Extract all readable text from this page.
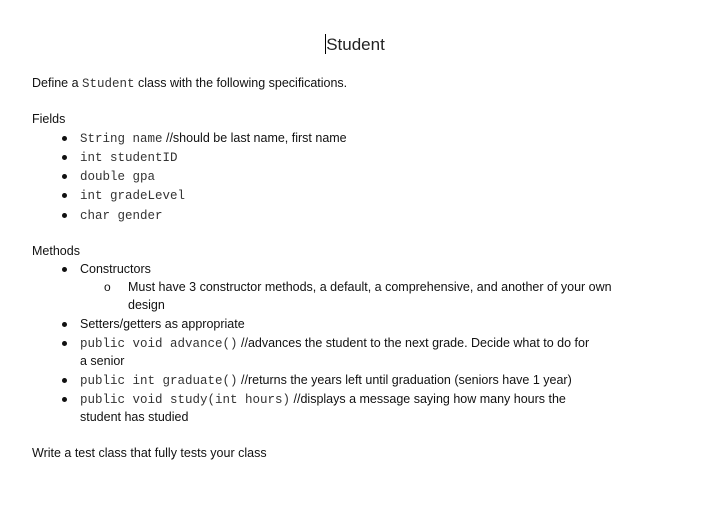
Student
Define a Student class with the following specifications.
Fields
String name //should be last name, first name
int studentID
double gpa
int gradeLevel
char gender
Methods
Constructors
o Must have 3 constructor methods, a default, a comprehensive, and another of your own
design
Setters/getters as appropriate
public void advance() //advances the student to the next grade. Decide what to do for
a senior
public int graduate() //returns the years left until graduation (seniors have 1 year)
public void study(int hours) //displays a message saying how many hours the
student has studied
Write a test class that fully tests your class
